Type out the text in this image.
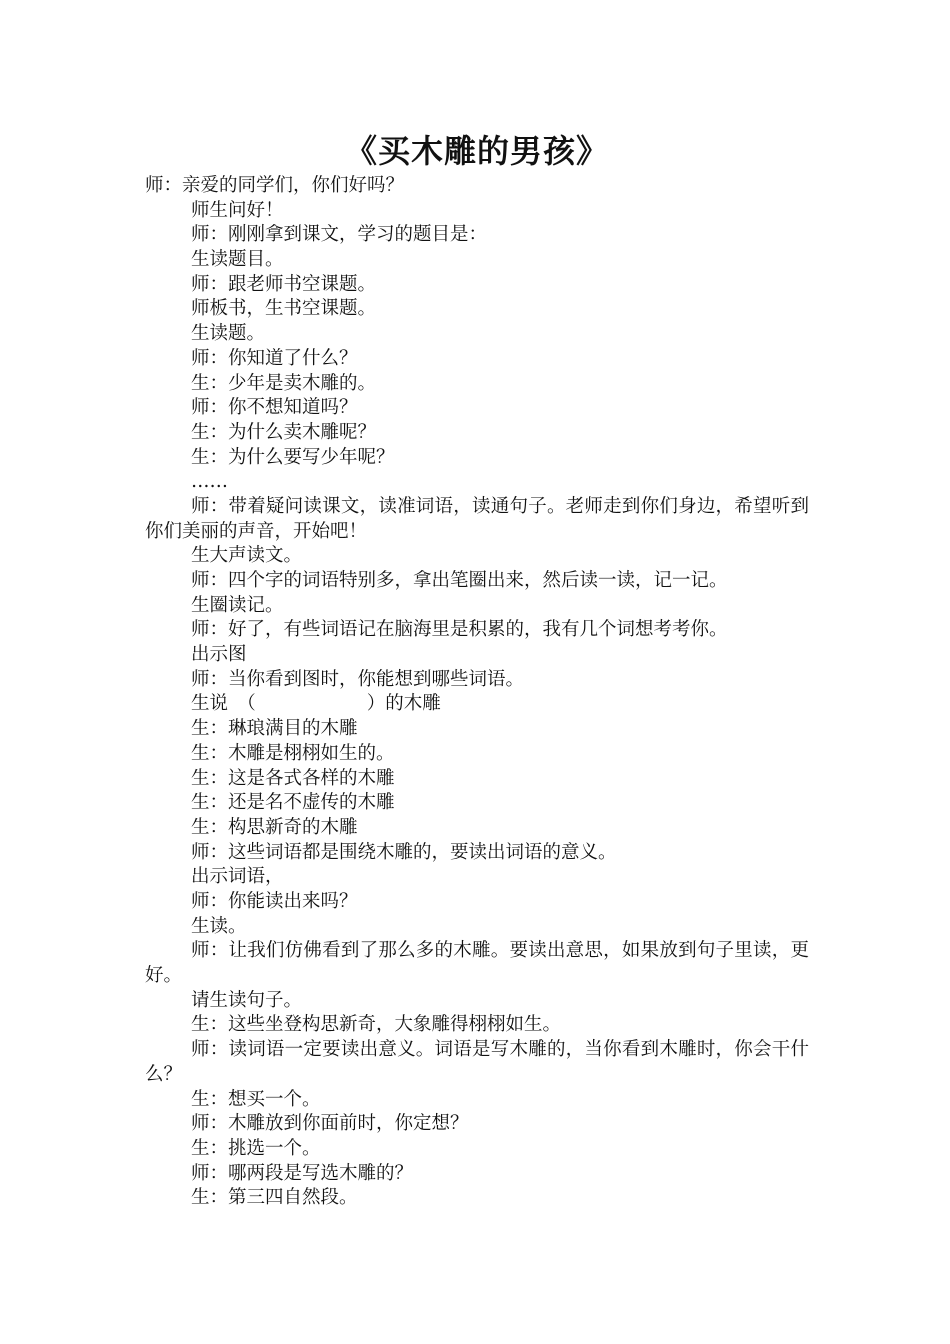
《买木雕的男孩》
师：亲爱的同学们，你们好吗？
师生问好！
师：刚刚拿到课文，学习的题目是：
生读题目。
师：跟老师书空课题。
师板书，生书空课题。
生读题。
师：你知道了什么？
生：少年是卖木雕的。
师：你不想知道吗？
生：为什么卖木雕呢？
生：为什么要写少年呢？
……
师：带着疑问读课文，读准词语，读通句子。老师走到你们身边，希望听到你们美丽的声音，开始吧！
生大声读文。
师：四个字的词语特别多，拿出笔圈出来，然后读一读，记一记。
生圈读记。
师：好了，有些词语记在脑海里是积累的，我有几个词想考考你。
出示图
师：当你看到图时，你能想到哪些词语。
生说　（　　　　　　）的木雕
生：琳琅满目的木雕
生：木雕是栩栩如生的。
生：这是各式各样的木雕
生：还是名不虚传的木雕
生：构思新奇的木雕
师：这些词语都是围绕木雕的，要读出词语的意义。
出示词语，
师：你能读出来吗？
生读。
师：让我们仿佛看到了那么多的木雕。要读出意思，如果放到句子里读，更好。
请生读句子。
生：这些坐登构思新奇，大象雕得栩栩如生。
师：读词语一定要读出意义。词语是写木雕的，当你看到木雕时，你会干什么？
生：想买一个。
师：木雕放到你面前时，你定想？
生：挑选一个。
师：哪两段是写选木雕的？
生：第三四自然段。
